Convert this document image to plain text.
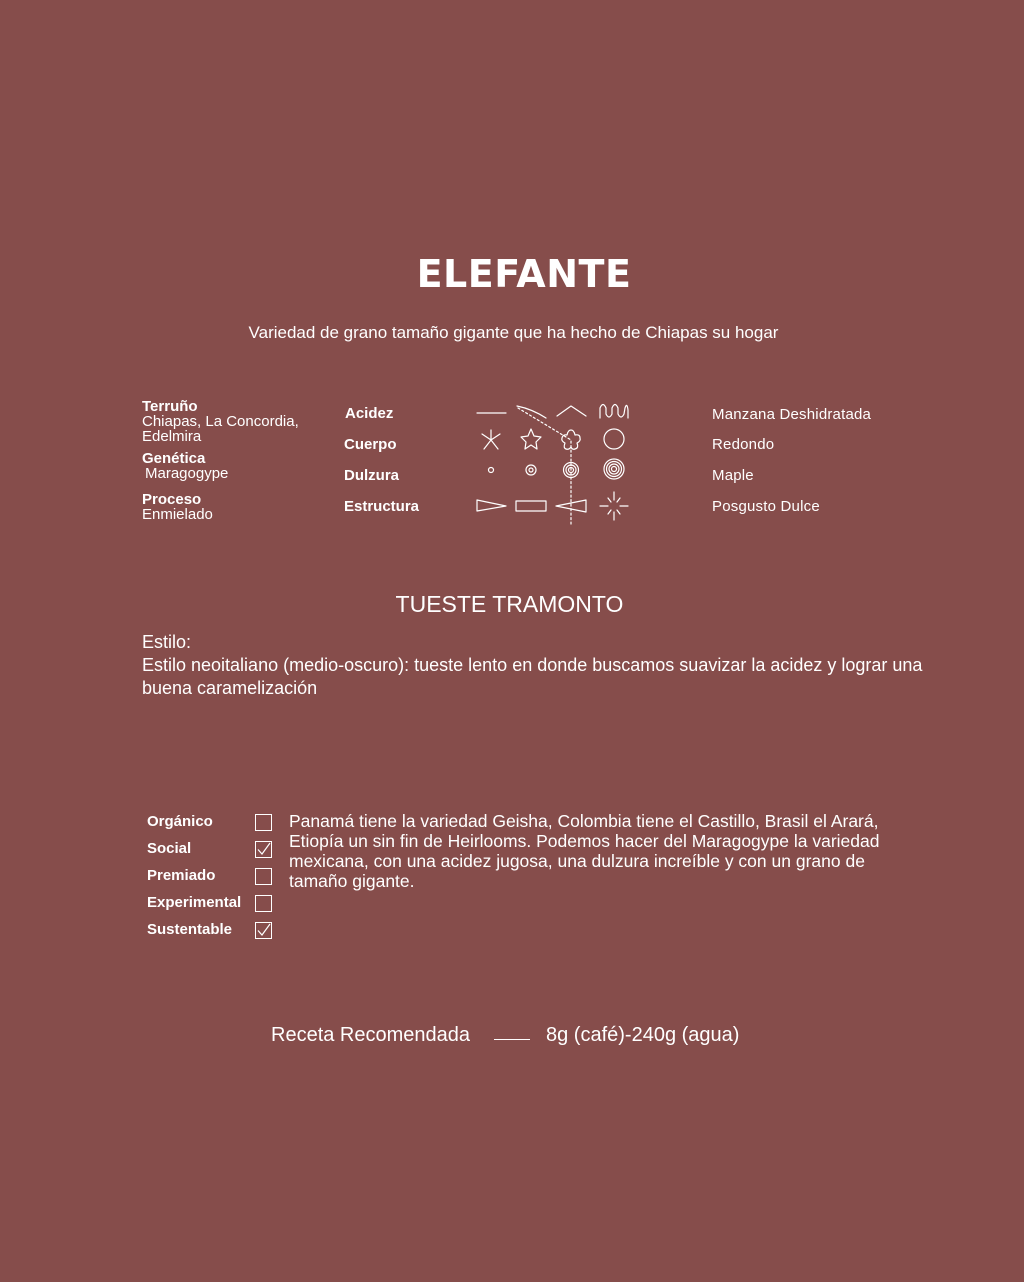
ELEFANTE
Variedad de grano tamaño gigante que ha hecho de Chiapas su hogar
Terruño
Chiapas, La Concordia, Edelmira
Genética
Maragogype
Proceso
Enmielado
Acidez
Cuerpo
Dulzura
Estructura
Manzana Deshidratada
Redondo
Maple
Posgusto Dulce
TUESTE TRAMONTO
Estilo:
Estilo neoitaliano (medio-oscuro): tueste lento en donde buscamos suavizar la acidez y lograr una buena caramelización
Orgánico
Social
Premiado
Experimental
Sustentable
Panamá tiene la variedad Geisha, Colombia tiene el Castillo, Brasil el Arará, Etiopía un sin fin de Heirlooms. Podemos hacer del Maragogype la variedad mexicana, con una acidez jugosa, una dulzura increíble y con un grano de tamaño gigante.
Receta Recomendada	8g (café)-240g (agua)
